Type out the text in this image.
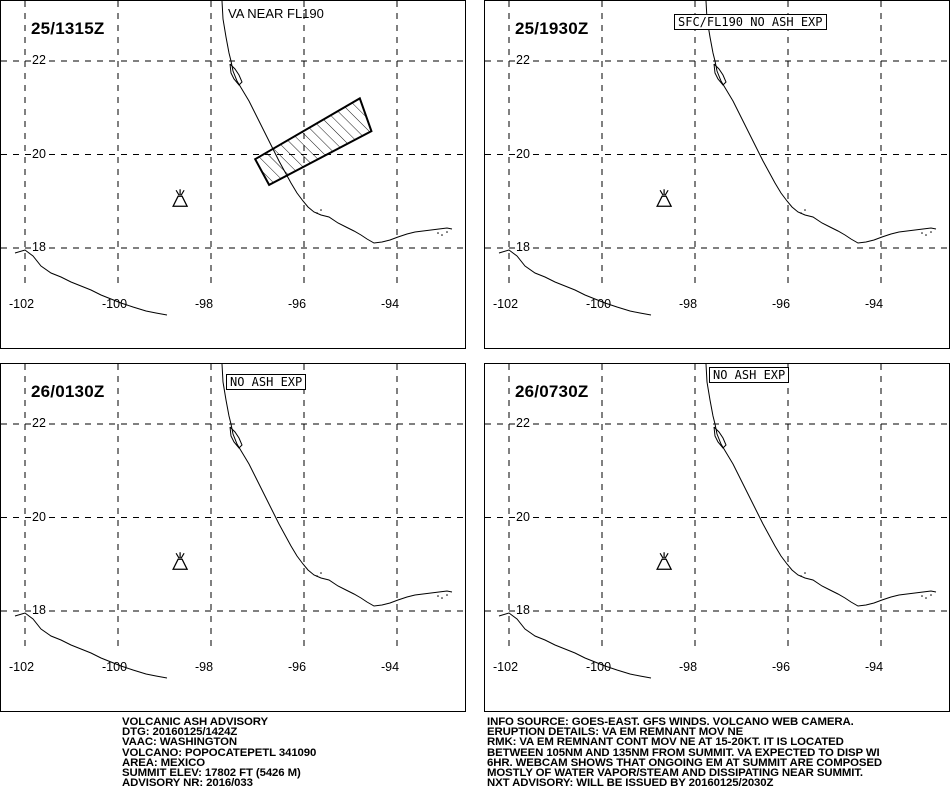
25/1315Z
VA NEAR FL190
22
20
18
-102	-100	-98	-96	-94
25/1930Z	SFC/FL190 NO ASH EXP
22
20
18
-102	-100	-98	-96	-94
26/0130Z	NO ASH EXP
22
20
18
-102	-100	-98	-96	-94
26/0730Z
NO ASH EXP
22
20
18
-102	-100	-98	-96	-94
VOLCANIC ASH ADVISORY
DTG: 20160125/1424Z
VAAC: WASHINGTON
VOLCANO: POPOCATEPETL 341090
AREA: MEXICO
SUMMIT ELEV: 17802 FT (5426 M)
ADVISORY NR: 2016/033
INFO SOURCE: GOES-EAST. GFS WINDS. VOLCANO WEB CAMERA.
ERUPTION DETAILS: VA EM REMNANT MOV NE
RMK: VA EM REMNANT CONT MOV NE AT 15-20KT. IT IS LOCATED
BETWEEN 105NM AND 135NM FROM SUMMIT. VA EXPECTED TO DISP WI
6HR. WEBCAM SHOWS THAT ONGOING EM AT SUMMIT ARE COMPOSED
MOSTLY OF WATER VAPOR/STEAM AND DISSIPATING NEAR SUMMIT.
NXT ADVISORY: WILL BE ISSUED BY 20160125/2030Z
